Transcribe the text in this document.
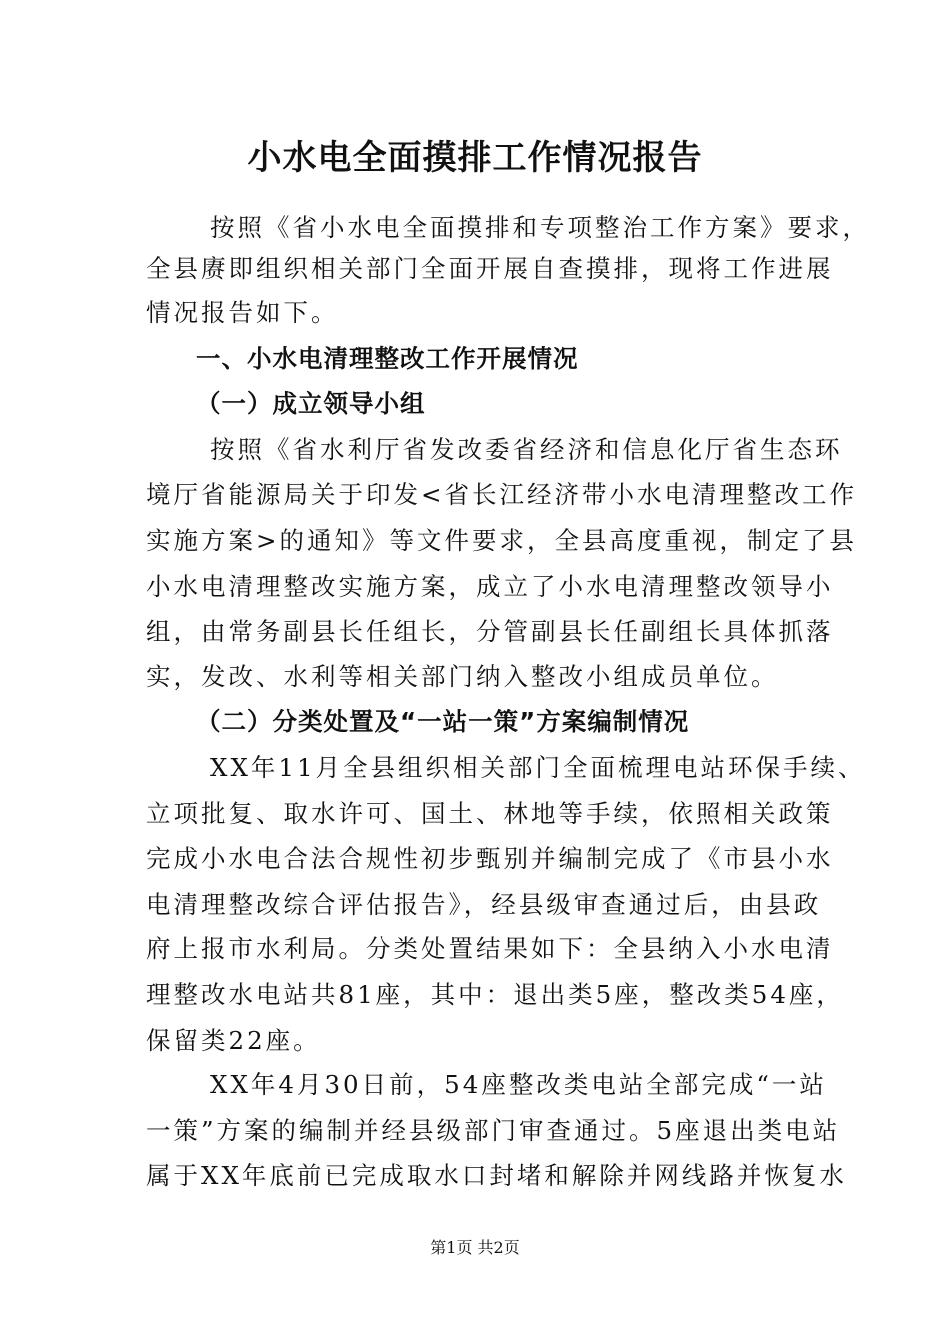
小水电全面摸排工作情况报告
按照《省小水电全面摸排和专项整治工作方案》要求，
全县赓即组织相关部门全面开展自查摸排，现将工作进展
情况报告如下。
一、小水电清理整改工作开展情况
（一）成立领导小组
按照《省水利厅省发改委省经济和信息化厅省生态环
境厅省能源局关于印发<省长江经济带小水电清理整改工作
实施方案>的通知》等文件要求，全县高度重视，制定了县
小水电清理整改实施方案，成立了小水电清理整改领导小
组，由常务副县长任组长，分管副县长任副组长具体抓落
实，发改、水利等相关部门纳入整改小组成员单位。
（二）分类处置及“一站一策”方案编制情况
XX年11月全县组织相关部门全面梳理电站环保手续、
立项批复、取水许可、国土、林地等手续，依照相关政策
完成小水电合法合规性初步甄别并编制完成了《市县小水
电清理整改综合评估报告》，经县级审查通过后，由县政
府上报市水利局。分类处置结果如下：全县纳入小水电清
理整改水电站共81座，其中：退出类5座，整改类54座，
保留类22座。
XX年4月30日前，54座整改类电站全部完成“一站
一策”方案的编制并经县级部门审查通过。5座退出类电站
属于XX年底前已完成取水口封堵和解除并网线路并恢复水
第1页 共2页
